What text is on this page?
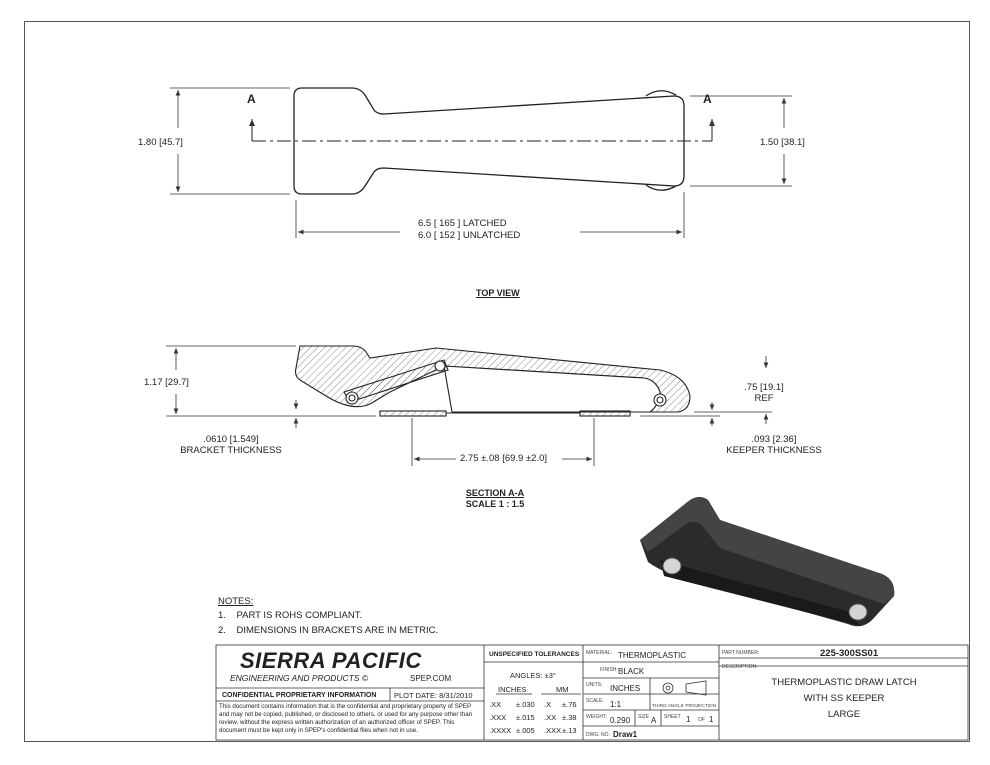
A	A
1.80 [45.7]	1.50 [38.1]
6.5 [ 165 ] LATCHED
6.0 [ 152 ] UNLATCHED
TOP VIEW
1.17 [29.7]	.75 [19.1]
REF
.0610 [1.549]
BRACKET THICKNESS
.093 [2.36]
KEEPER THICKNESS
2.75 ±.08 [69.9 ±2.0]
SECTION A-A
SCALE 1 : 1.5
NOTES:
1. PART IS ROHS COMPLIANT.
2. DIMENSIONS IN BRACKETS ARE IN METRIC.
SIERRA PACIFIC
ENGINEERING AND PRODUCTS ©	SPEP.COM
CONFIDENTIAL PROPRIETARY INFORMATION PLOT DATE: 8/31/2010
This document contains information that is the confidential and proprietary property of SPEP and may not be copied, published, or disclosed to others, or used for any purpose other than review, without the express written authorization of an authorized officer of SPEP. This document must be kept only in SPEP's confidential files when not in use.
UNSPECIFIED TOLERANCES
ANGLES: ±3°
INCHES	MM
.XX ±.030 .X ±.76
.XXX ±.015 .XX ±.38
.XXXX ±.005 .XXX ±.13
MATERIAL: THERMOPLASTIC
FINISH: BLACK
UNITS: INCHES
SCALE: 1:1	THIRD ANGLE PROJECTION
WEIGHT: 0.290 SIZE A SHEET 1 OF 1
DWG. NO. Draw1
PART NUMBER:	225-300SS01
DESCRIPTION:
THERMOPLASTIC DRAW LATCH
WITH SS KEEPER
LARGE
